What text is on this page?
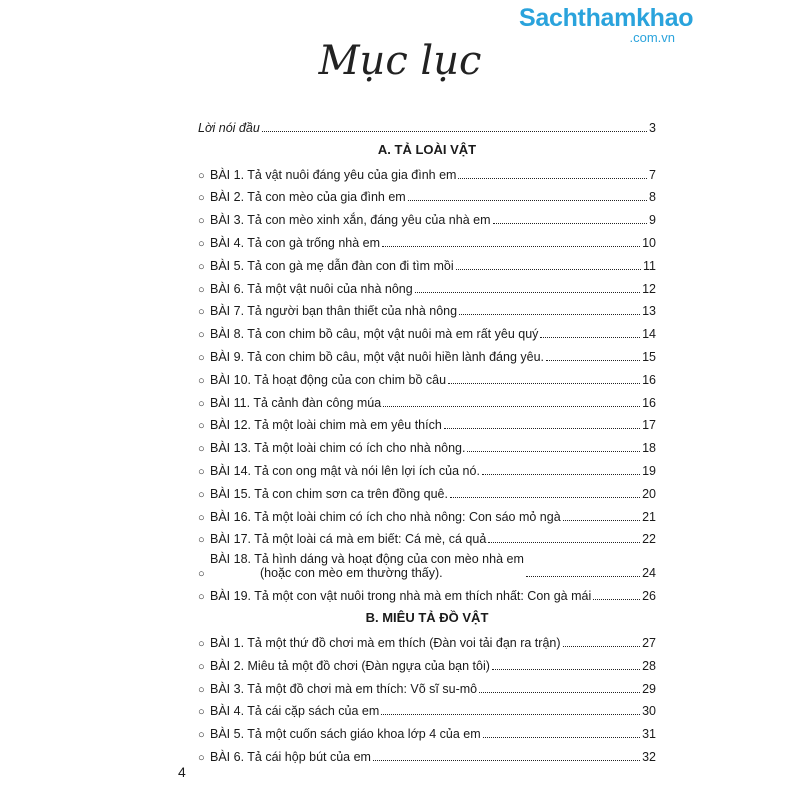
Sachthamkhao
.com.vn
Mục lục
Lời nói đầu	3
A. TẢ LOÀI VẬT
○ BÀI 1. Tả vật nuôi đáng yêu của gia đình em	7
○ BÀI 2. Tả con mèo của gia đình em	8
○ BÀI 3. Tả con mèo xinh xắn, đáng yêu của nhà em	9
○ BÀI 4. Tả con gà trống nhà em	10
○ BÀI 5. Tả con gà mẹ dẫn đàn con đi tìm mồi	11
○ BÀI 6. Tả một vật nuôi của nhà nông	12
○ BÀI 7. Tả người bạn thân thiết của nhà nông	13
○ BÀI 8. Tả con chim bồ câu, một vật nuôi mà em rất yêu quý	14
○ BÀI 9. Tả con chim bồ câu, một vật nuôi hiền lành đáng yêu.	15
○ BÀI 10. Tả hoạt động của con chim bồ câu	16
○ BÀI 11. Tả cảnh đàn công múa	16
○ BÀI 12. Tả một loài chim mà em yêu thích	17
○ BÀI 13. Tả một loài chim có ích cho nhà nông.	18
○ BÀI 14. Tả con ong mật và nói lên lợi ích của nó.	19
○ BÀI 15. Tả con chim sơn ca trên đồng quê.	20
○ BÀI 16. Tả một loài chim có ích cho nhà nông: Con sáo mỏ ngà	21
○ BÀI 17. Tả một loài cá mà em biết: Cá mè, cá quả	22
○
BÀI 18. Tả hình dáng và hoạt động của con mèo nhà em
(hoặc con mèo em thường thấy).	24
○ BÀI 19. Tả một con vật nuôi trong nhà mà em thích nhất: Con gà mái	26
B. MIÊU TẢ ĐỒ VẬT
○ BÀI 1. Tả một thứ đồ chơi mà em thích (Đàn voi tải đạn ra trận)	27
○ BÀI 2. Miêu tả một đồ chơi (Đàn ngựa của bạn tôi)	28
○ BÀI 3. Tả một đồ chơi mà em thích: Võ sĩ su-mô	29
○ BÀI 4. Tả cái cặp sách của em	30
○ BÀI 5. Tả một cuốn sách giáo khoa lớp 4 của em	31
○ BÀI 6. Tả cái hộp bút của em	32
4
